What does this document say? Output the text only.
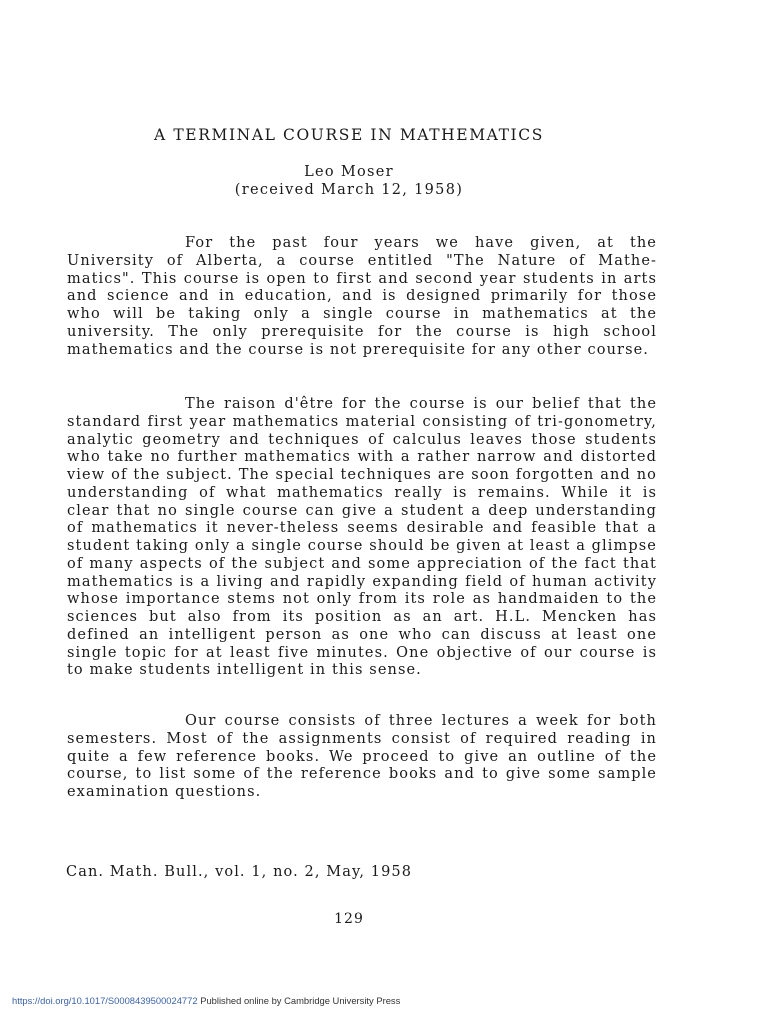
A TERMINAL COURSE IN MATHEMATICS

Leo Moser

(received March 12, 1958)

For the past four years we have given, at the University of Alberta, a course entitled "The Nature of Mathe-matics". This course is open to first and second year students in arts and science and in education, and is designed primarily for those who will be taking only a single course in mathematics at the university. The only prerequisite for the course is high school mathematics and the course is not prerequisite for any other course.

The raison d'être for the course is our belief that the standard first year mathematics material consisting of tri-gonometry, analytic geometry and techniques of calculus leaves those students who take no further mathematics with a rather narrow and distorted view of the subject. The special techniques are soon forgotten and no understanding of what mathematics really is remains. While it is clear that no single course can give a student a deep understanding of mathematics it never-theless seems desirable and feasible that a student taking only a single course should be given at least a glimpse of many aspects of the subject and some appreciation of the fact that mathematics is a living and rapidly expanding field of human activity whose importance stems not only from its role as handmaiden to the sciences but also from its position as an art. H.L. Mencken has defined an intelligent person as one who can discuss at least one single topic for at least five minutes. One objective of our course is to make students intelligent in this sense.

Our course consists of three lectures a week for both semesters. Most of the assignments consist of required reading in quite a few reference books. We proceed to give an outline of the course, to list some of the reference books and to give some sample examination questions.

Can. Math. Bull., vol. 1, no. 2, May, 1958

129

https://doi.org/10.1017/S0008439500024772 Published online by Cambridge University Press
